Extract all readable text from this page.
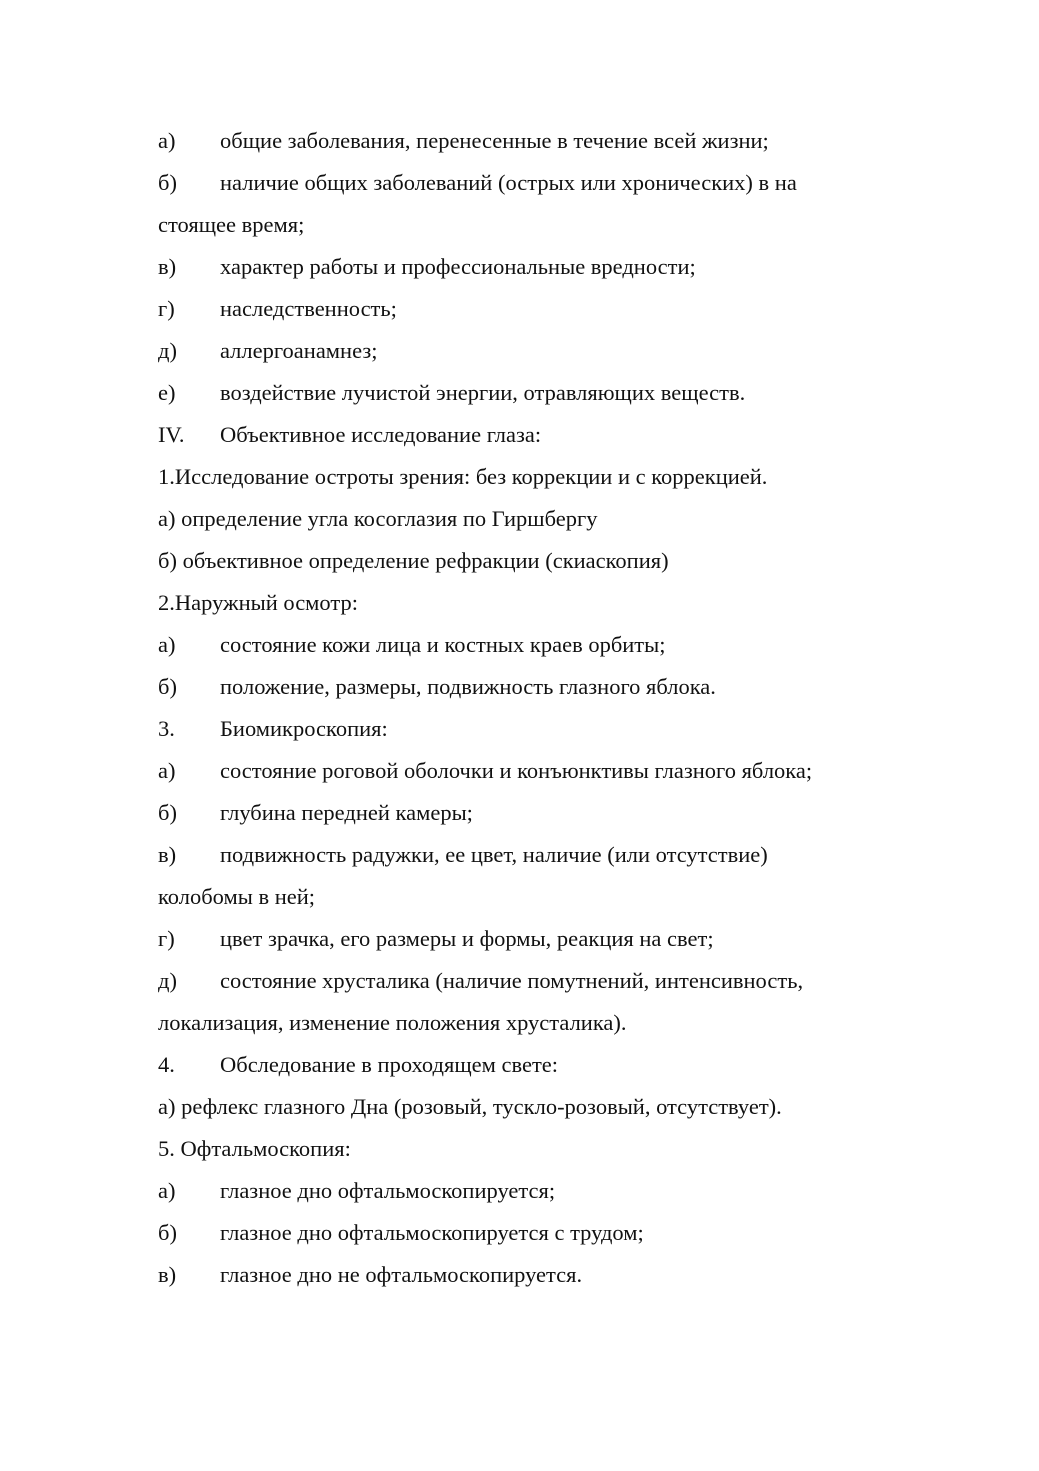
а) общие заболевания, перенесенные в течение всей жизни;
б) наличие общих заболеваний (острых или хронических) в на
стоящее время;
в) характер работы и профессиональные вредности;
г) наследственность;
д) аллергоанамнез;
е) воздействие лучистой энергии, отравляющих веществ.
IV. Объективное исследование глаза:
1.Исследование остроты зрения: без коррекции и с коррекцией.
а) определение угла косоглазия по Гиршбергу
б) объективное определение рефракции (скиаскопия)
2.Наружный осмотр:
а) состояние кожи лица и костных краев орбиты;
б) положение, размеры, подвижность глазного яблока.
3. Биомикроскопия:
а) состояние роговой оболочки и конъюнктивы глазного яблока;
б) глубина передней камеры;
в) подвижность радужки, ее цвет, наличие (или отсутствие)
колобомы в ней;
г) цвет зрачка, его размеры и формы, реакция на свет;
д) состояние хрусталика (наличие помутнений, интенсивность,
локализация, изменение положения хрусталика).
4. Обследование в проходящем свете:
а) рефлекс глазного Дна (розовый, тускло-розовый, отсутствует).
5. Офтальмоскопия:
а) глазное дно офтальмоскопируется;
б) глазное дно офтальмоскопируется с трудом;
в) глазное дно не офтальмоскопируется.
